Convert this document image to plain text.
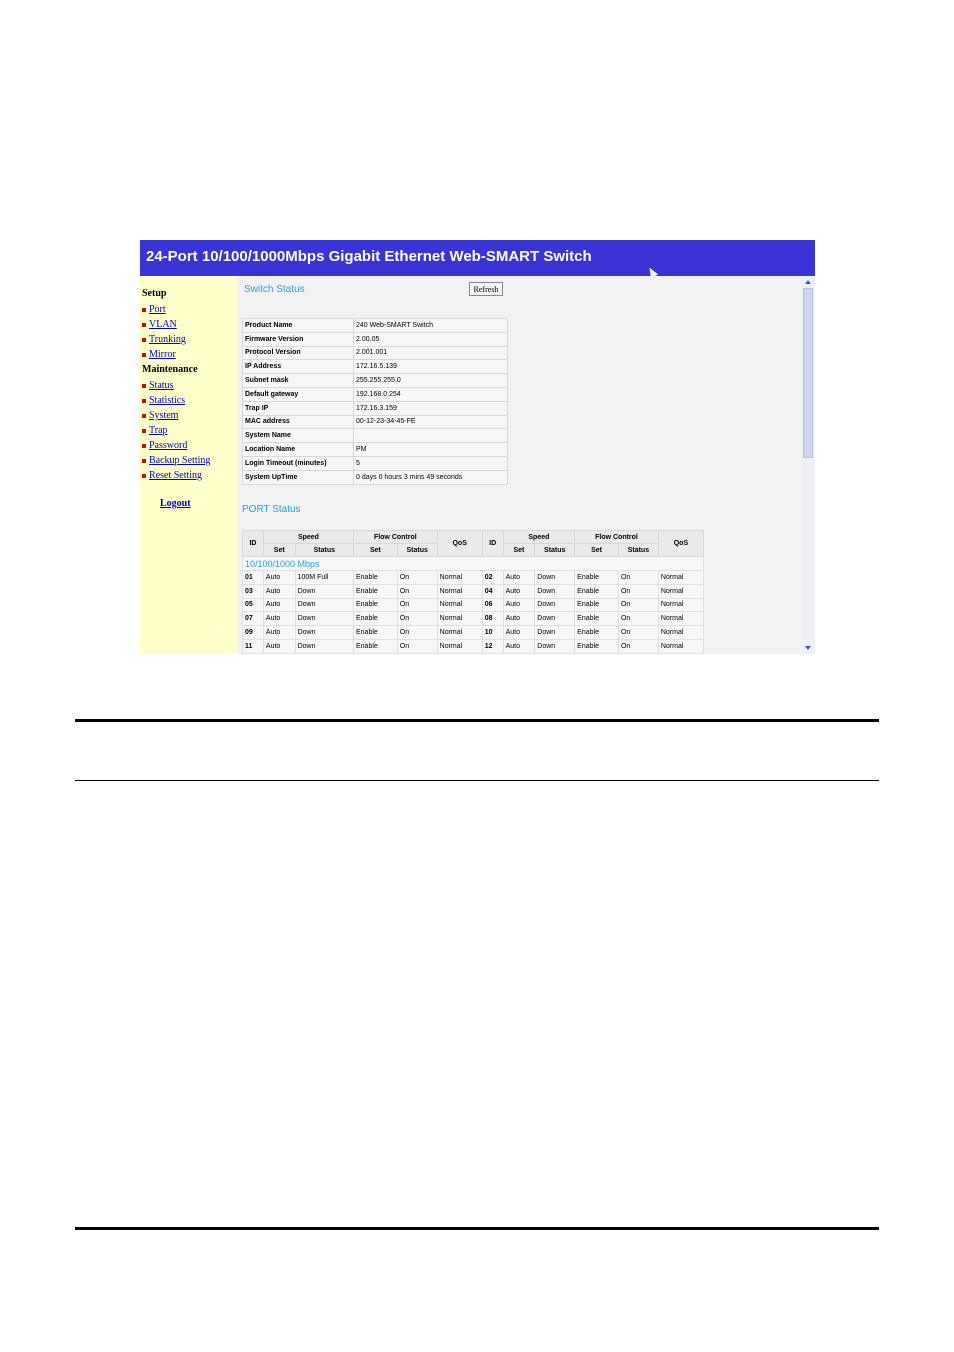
24-Port 10/100/1000Mbps Gigabit Ethernet Web-SMART Switch
Setup
Port
VLAN
Trunking
Mirror
Maintenance
Status
Statistics
System
Trap
Password
Backup Setting
Reset Setting
Logout
Switch Status	Refresh
Product Name	240 Web-SMART Switch
Firmware Version	2.00.05
Protocol Version	2.001.001
IP Address	172.16.5.139
Subnet mask	255.255.255.0
Default gateway	192.168.0.254
Trap IP	172.16.3.159
MAC address	00-12-23-34-45-FE
System Name	
Location Name	PM
Login Timeout (minutes)	5
System UpTime	0 days 0 hours 3 mins 49 seconds
PORT Status
ID	Speed		Flow Control		QoS	ID	Speed		Flow Control		QoS
	Set	Status	Set	Status			Set	Status	Set	Status	
10/100/1000 Mbps											
01	Auto	100M Full	Enable	On	Normal	02	Auto	Down	Enable	On	Normal
03	Auto	Down	Enable	On	Normal	04	Auto	Down	Enable	On	Normal
05	Auto	Down	Enable	On	Normal	06	Auto	Down	Enable	On	Normal
07	Auto	Down	Enable	On	Normal	08	Auto	Down	Enable	On	Normal
09	Auto	Down	Enable	On	Normal	10	Auto	Down	Enable	On	Normal
11	Auto	Down	Enable	On	Normal	12	Auto	Down	Enable	On	Normal
